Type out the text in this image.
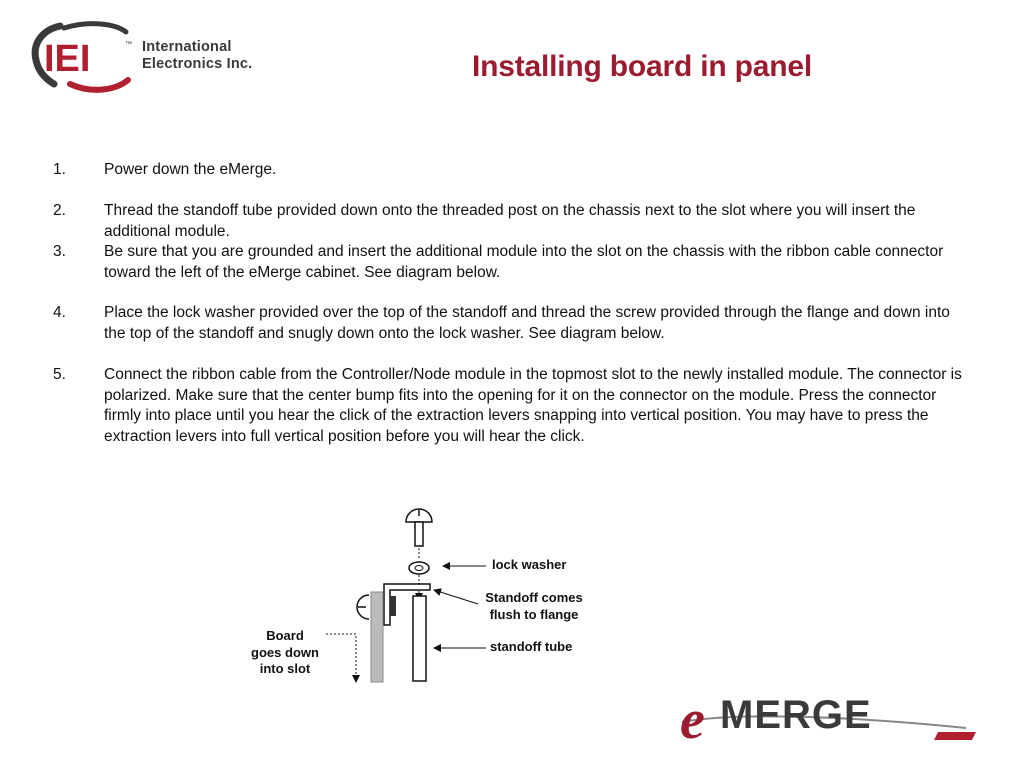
IEI	™ International
Electronics Inc.	Installing board in panel
1. Power down the eMerge.
2. Thread the standoff tube provided down onto the threaded post on the chassis next to the slot where you will insert the additional module.
3. Be sure that you are grounded and insert the additional module into the slot on the chassis with the ribbon cable connector toward the left of the eMerge cabinet. See diagram below.
4. Place the lock washer provided over the top of the standoff and thread the screw provided through the flange and down into the top of the standoff and snugly down onto the lock washer. See diagram below.
5. Connect the ribbon cable from the Controller/Node module in the topmost slot to the newly installed module. The connector is polarized. Make sure that the center bump fits into the opening for it on the connector on the module. Press the connector firmly into place until you hear the click of the extraction levers snapping into vertical position. You may have to press the extraction levers into full vertical position before you will hear the click.
lock washer
Standoff comes
flush to flange
standoff tube
Board
goes down
into slot
e MERGE
